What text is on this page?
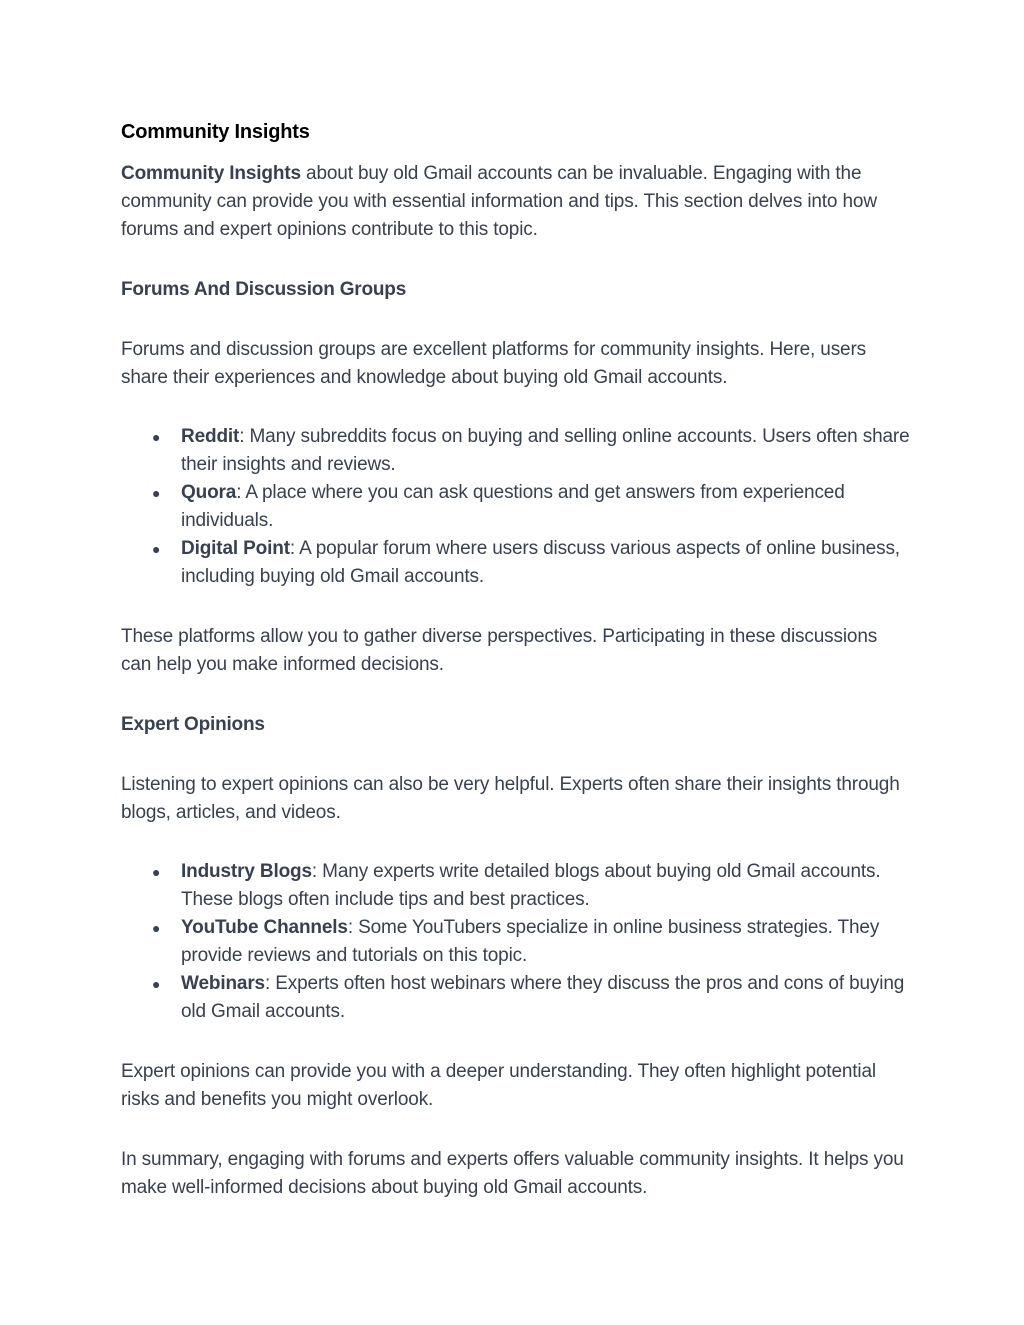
Community Insights

Community Insights about buy old Gmail accounts can be invaluable. Engaging with the community can provide you with essential information and tips. This section delves into how forums and expert opinions contribute to this topic.

Forums And Discussion Groups

Forums and discussion groups are excellent platforms for community insights. Here, users share their experiences and knowledge about buying old Gmail accounts.

● Reddit: Many subreddits focus on buying and selling online accounts. Users often share their insights and reviews.
● Quora: A place where you can ask questions and get answers from experienced individuals.
● Digital Point: A popular forum where users discuss various aspects of online business, including buying old Gmail accounts.

These platforms allow you to gather diverse perspectives. Participating in these discussions can help you make informed decisions.

Expert Opinions

Listening to expert opinions can also be very helpful. Experts often share their insights through blogs, articles, and videos.

● Industry Blogs: Many experts write detailed blogs about buying old Gmail accounts. These blogs often include tips and best practices.
● YouTube Channels: Some YouTubers specialize in online business strategies. They provide reviews and tutorials on this topic.
● Webinars: Experts often host webinars where they discuss the pros and cons of buying old Gmail accounts.

Expert opinions can provide you with a deeper understanding. They often highlight potential risks and benefits you might overlook.

In summary, engaging with forums and experts offers valuable community insights. It helps you make well-informed decisions about buying old Gmail accounts.
